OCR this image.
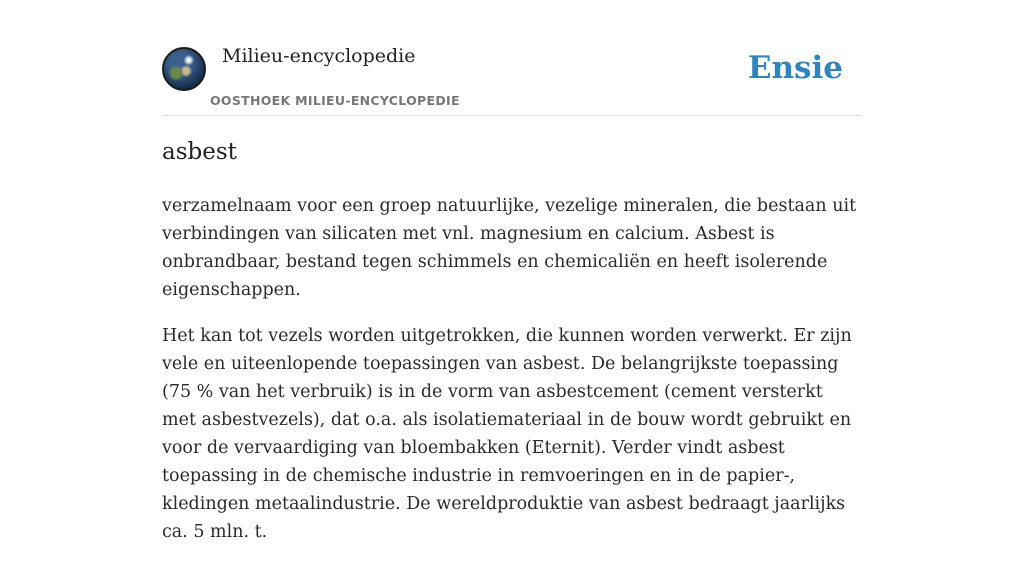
Milieu-encyclopedie
OOSTHOEK MILIEU-ENCYCLOPEDIE
Ensie
asbest

verzamelnaam voor een groep natuurlijke, vezelige mineralen, die bestaan uit verbindingen van silicaten met vnl. magnesium en calcium. Asbest is onbrandbaar, bestand tegen schimmels en chemicaliën en heeft isolerende eigenschappen.

Het kan tot vezels worden uitgetrokken, die kunnen worden verwerkt. Er zijn vele en uiteenlopende toepassingen van asbest. De belangrijkste toepassing (75 % van het verbruik) is in de vorm van asbestcement (cement versterkt met asbestvezels), dat o.a. als isolatiemateriaal in de bouw wordt gebruikt en voor de vervaardiging van bloembakken (Eternit). Verder vindt asbest toepassing in de chemische industrie in remvoeringen en in de papier-, kledingen metaalindustrie. De wereldproduktie van asbest bedraagt jaarlijks ca. 5 mln. t.
